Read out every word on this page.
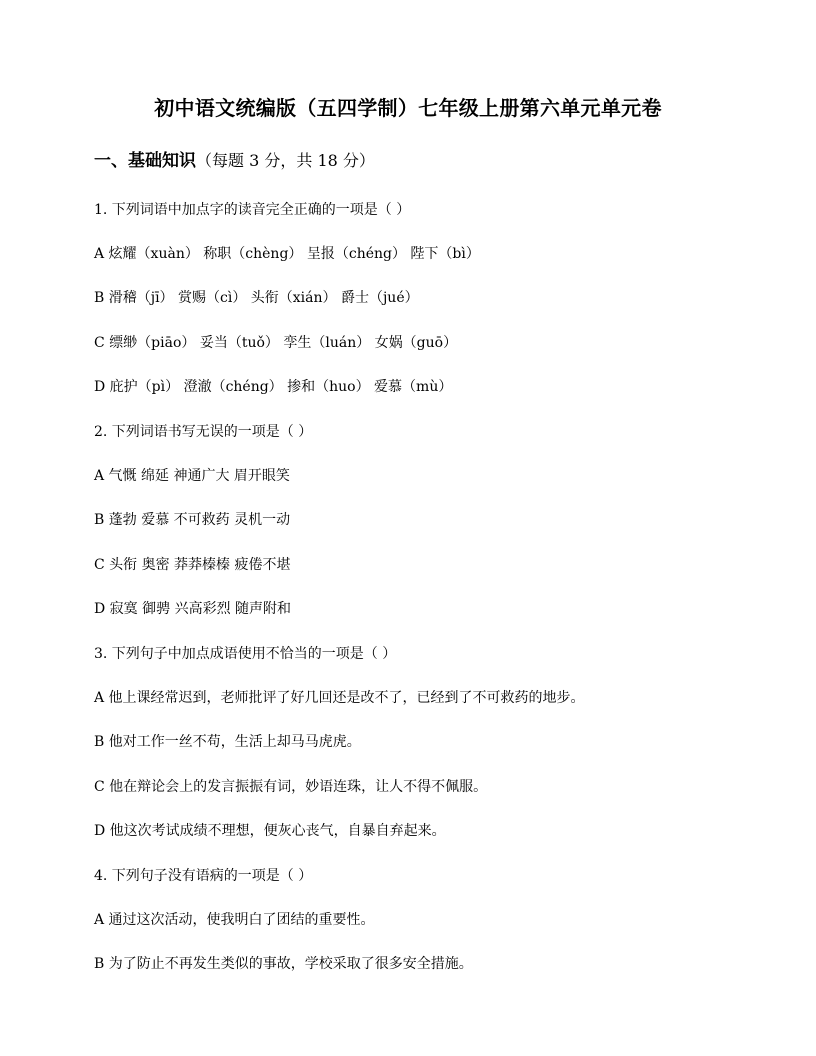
初中语文统编版（五四学制）七年级上册第六单元单元卷
一、基础知识（每题 3 分，共 18 分）
1. 下列词语中加点字的读音完全正确的一项是（ ）
A 炫耀（xuàn） 称职（chèng） 呈报（chéng） 陛下（bì）
B 滑稽（jī） 赏赐（cì） 头衔（xián） 爵士（jué）
C 缥缈（piāo） 妥当（tuǒ） 孪生（luán） 女娲（guō）
D 庇护（pì） 澄澈（chéng） 掺和（huo） 爱慕（mù）
2. 下列词语书写无误的一项是（ ）
A 气慨 绵延 神通广大 眉开眼笑
B 蓬勃 爱慕 不可救药 灵机一动
C 头衔 奥密 莽莽榛榛 疲倦不堪
D 寂寞 御骋 兴高彩烈 随声附和
3. 下列句子中加点成语使用不恰当的一项是（ ）
A 他上课经常迟到，老师批评了好几回还是改不了，已经到了不可救药的地步。
B 他对工作一丝不苟，生活上却马马虎虎。
C 他在辩论会上的发言振振有词，妙语连珠，让人不得不佩服。
D 他这次考试成绩不理想，便灰心丧气，自暴自弃起来。
4. 下列句子没有语病的一项是（ ）
A 通过这次活动，使我明白了团结的重要性。
B 为了防止不再发生类似的事故，学校采取了很多安全措施。
